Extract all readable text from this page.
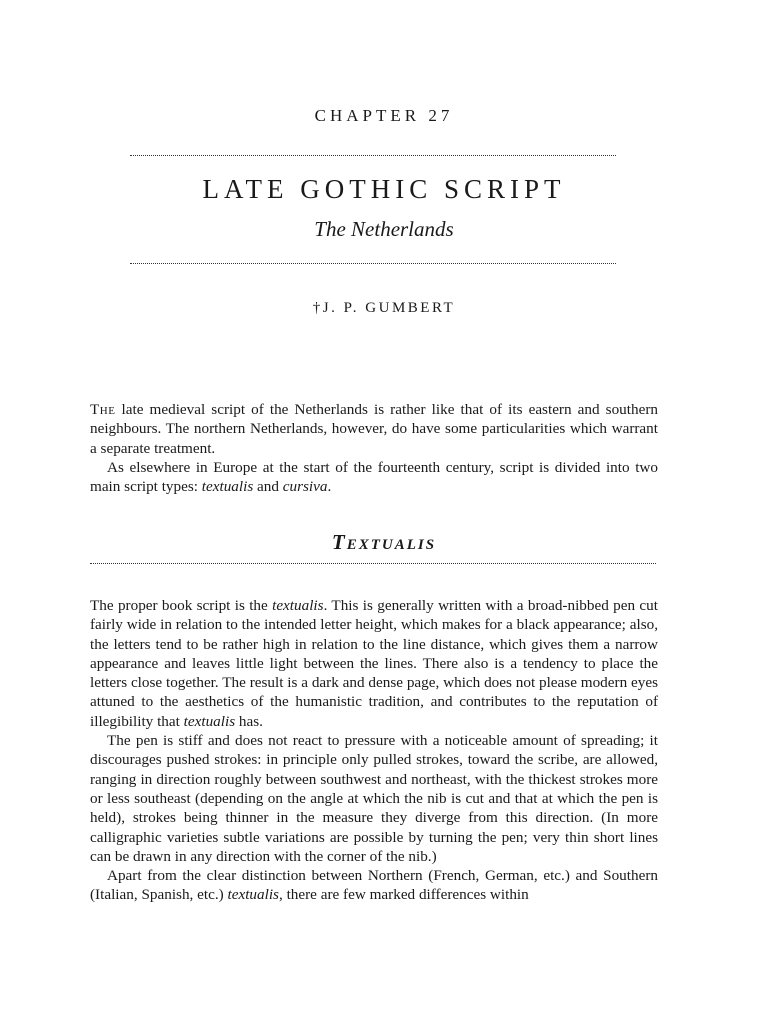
CHAPTER 27
LATE GOTHIC SCRIPT
The Netherlands
†J. P. GUMBERT

The late medieval script of the Netherlands is rather like that of its eastern and southern neighbours. The northern Netherlands, however, do have some particularities which warrant a separate treatment.

As elsewhere in Europe at the start of the fourteenth century, script is divided into two main script types: textualis and cursiva.

Textualis

The proper book script is the textualis. This is generally written with a broad-nibbed pen cut fairly wide in relation to the intended letter height, which makes for a black appearance; also, the letters tend to be rather high in relation to the line distance, which gives them a narrow appearance and leaves little light between the lines. There also is a tendency to place the letters close together. The result is a dark and dense page, which does not please modern eyes attuned to the aesthetics of the humanistic tradition, and contributes to the reputation of illegibility that textualis has.

The pen is stiff and does not react to pressure with a noticeable amount of spreading; it discourages pushed strokes: in principle only pulled strokes, toward the scribe, are allowed, ranging in direction roughly between southwest and northeast, with the thickest strokes more or less southeast (depending on the angle at which the nib is cut and that at which the pen is held), strokes being thinner in the measure they diverge from this direction. (In more calligraphic varieties subtle variations are possible by turning the pen; very thin short lines can be drawn in any direction with the corner of the nib.)

Apart from the clear distinction between Northern (French, German, etc.) and Southern (Italian, Spanish, etc.) textualis, there are few marked differences within
